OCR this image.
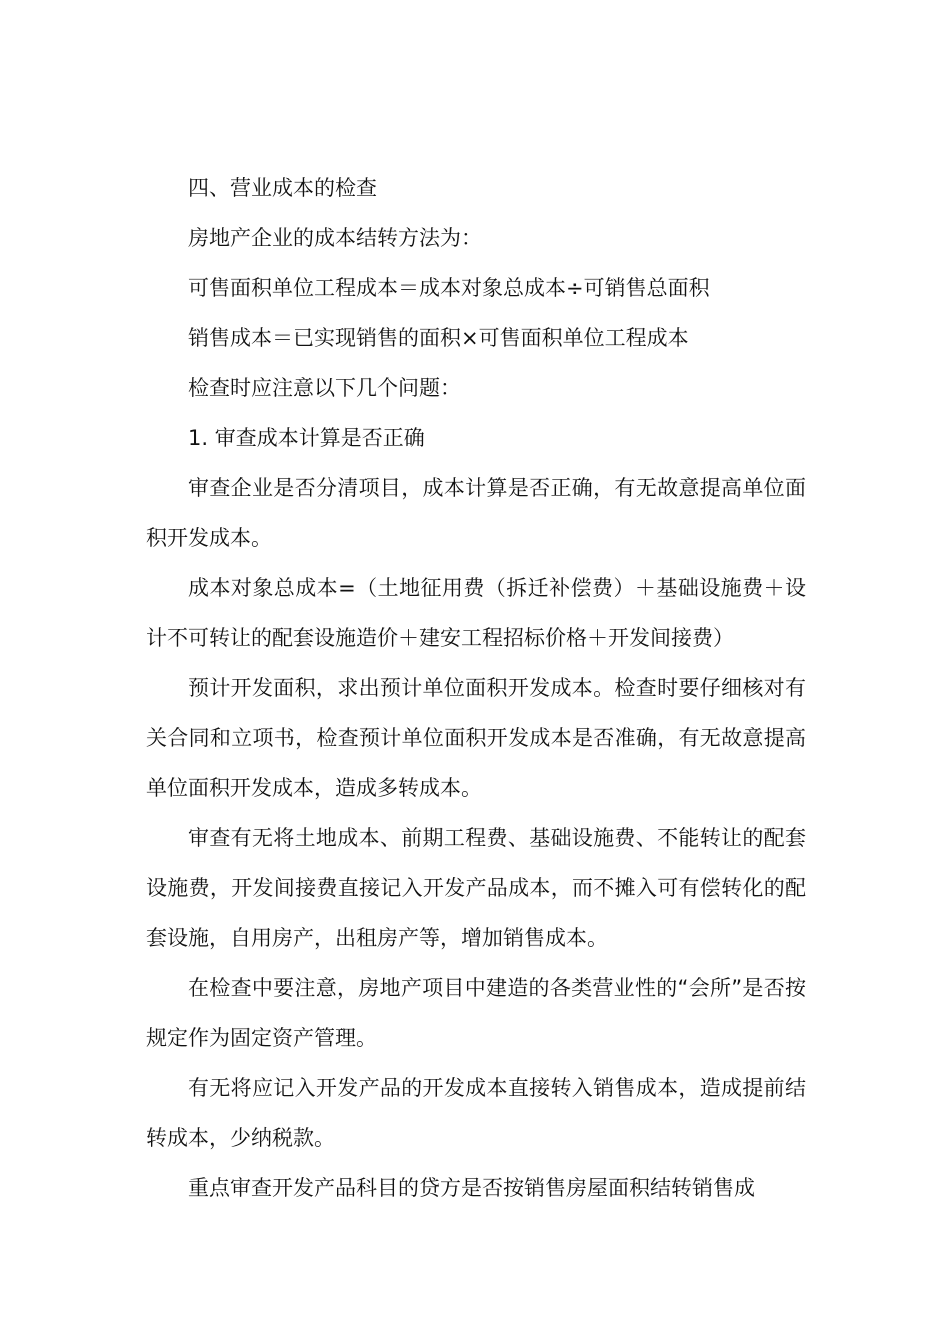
四、营业成本的检查

房地产企业的成本结转方法为：

可售面积单位工程成本＝成本对象总成本÷可销售总面积

销售成本＝已实现销售的面积×可售面积单位工程成本

检查时应注意以下几个问题：

1. 审查成本计算是否正确

审查企业是否分清项目，成本计算是否正确，有无故意提高单位面积开发成本。

成本对象总成本=（土地征用费（拆迁补偿费）＋基础设施费＋设计不可转让的配套设施造价＋建安工程招标价格＋开发间接费）

预计开发面积，求出预计单位面积开发成本。检查时要仔细核对有关合同和立项书，检查预计单位面积开发成本是否准确，有无故意提高单位面积开发成本，造成多转成本。

审查有无将土地成本、前期工程费、基础设施费、不能转让的配套设施费，开发间接费直接记入开发产品成本，而不摊入可有偿转化的配套设施，自用房产，出租房产等，增加销售成本。

在检查中要注意，房地产项目中建造的各类营业性的“会所”是否按规定作为固定资产管理。

有无将应记入开发产品的开发成本直接转入销售成本，造成提前结转成本，少纳税款。

重点审查开发产品科目的贷方是否按销售房屋面积结转销售成
